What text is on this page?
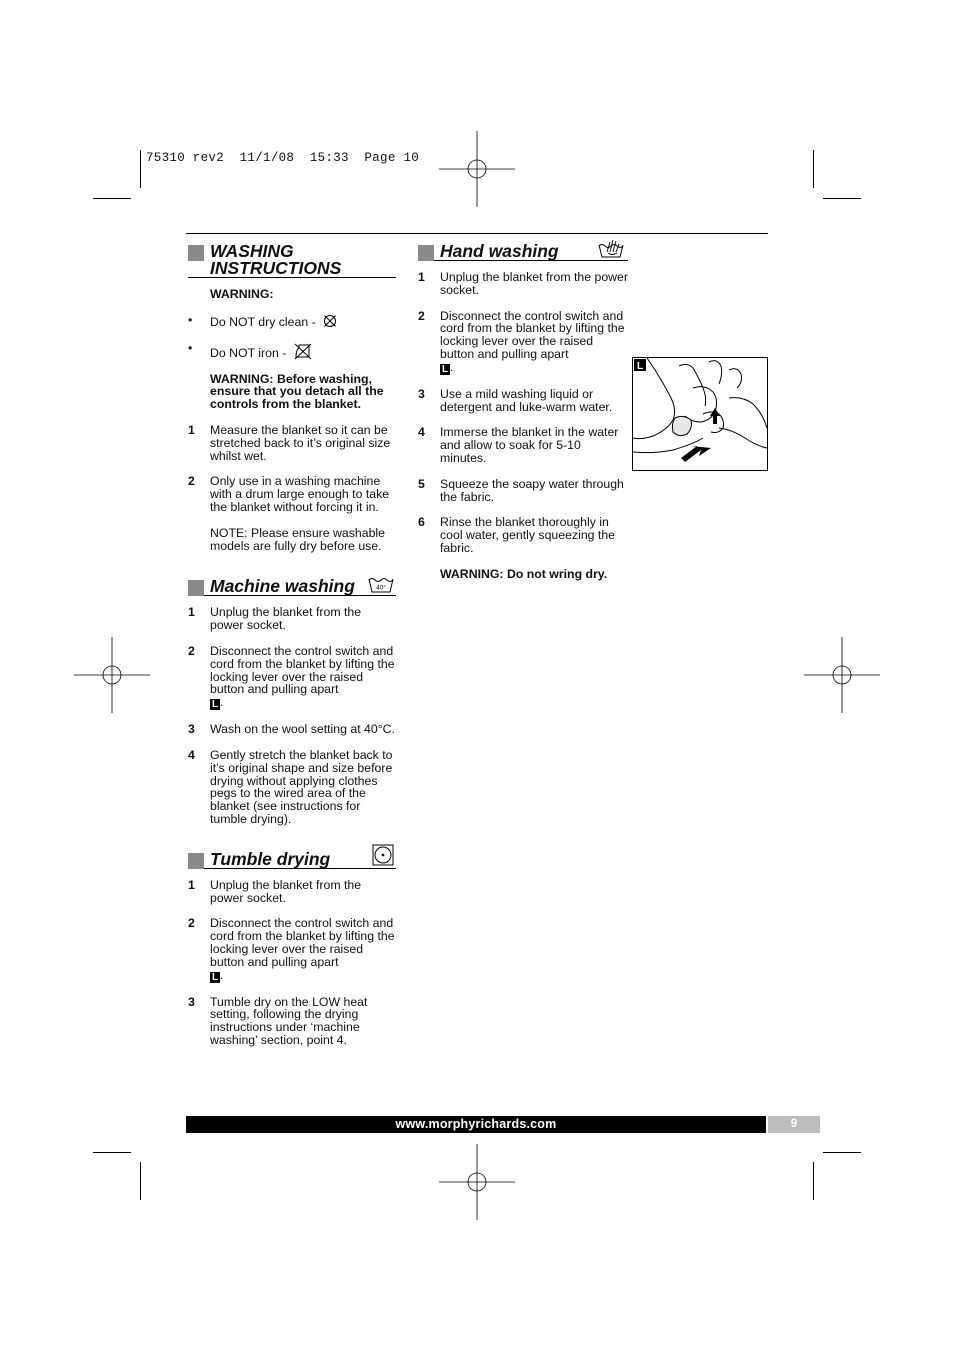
75310 rev2  11/1/08  15:33  Page 10
WASHING
INSTRUCTIONS
WARNING:
• Do NOT dry clean -
• Do NOT iron -
WARNING: Before washing, ensure that you detach all the controls from the blanket.
1 Measure the blanket so it can be stretched back to it’s original size whilst wet.
2 Only use in a washing machine with a drum large enough to take the blanket without forcing it in.
NOTE: Please ensure washable models are fully dry before use.
Machine washing	40°
1 Unplug the blanket from the power socket.
2 Disconnect the control switch and cord from the blanket by lifting the locking lever over the raised button and pulling apart
L .
3 Wash on the wool setting at 40°C.
4 Gently stretch the blanket back to it’s original shape and size before drying without applying clothes pegs to the wired area of the blanket (see instructions for tumble drying).
Tumble drying
1 Unplug the blanket from the power socket.
2 Disconnect the control switch and cord from the blanket by lifting the locking lever over the raised button and pulling apart
L .
3 Tumble dry on the LOW heat setting, following the drying instructions under ‘machine washing’ section, point 4.
Hand washing
1 Unplug the blanket from the power socket.
2 Disconnect the control switch and cord from the blanket by lifting the locking lever over the raised button and pulling apart
L .
3 Use a mild washing liquid or detergent and luke-warm water.
4 Immerse the blanket in the water and allow to soak for 5-10 minutes.
5 Squeeze the soapy water through the fabric.
6 Rinse the blanket thoroughly in cool water, gently squeezing the fabric.
WARNING: Do not wring dry.
L
www.morphyrichards.com	9
